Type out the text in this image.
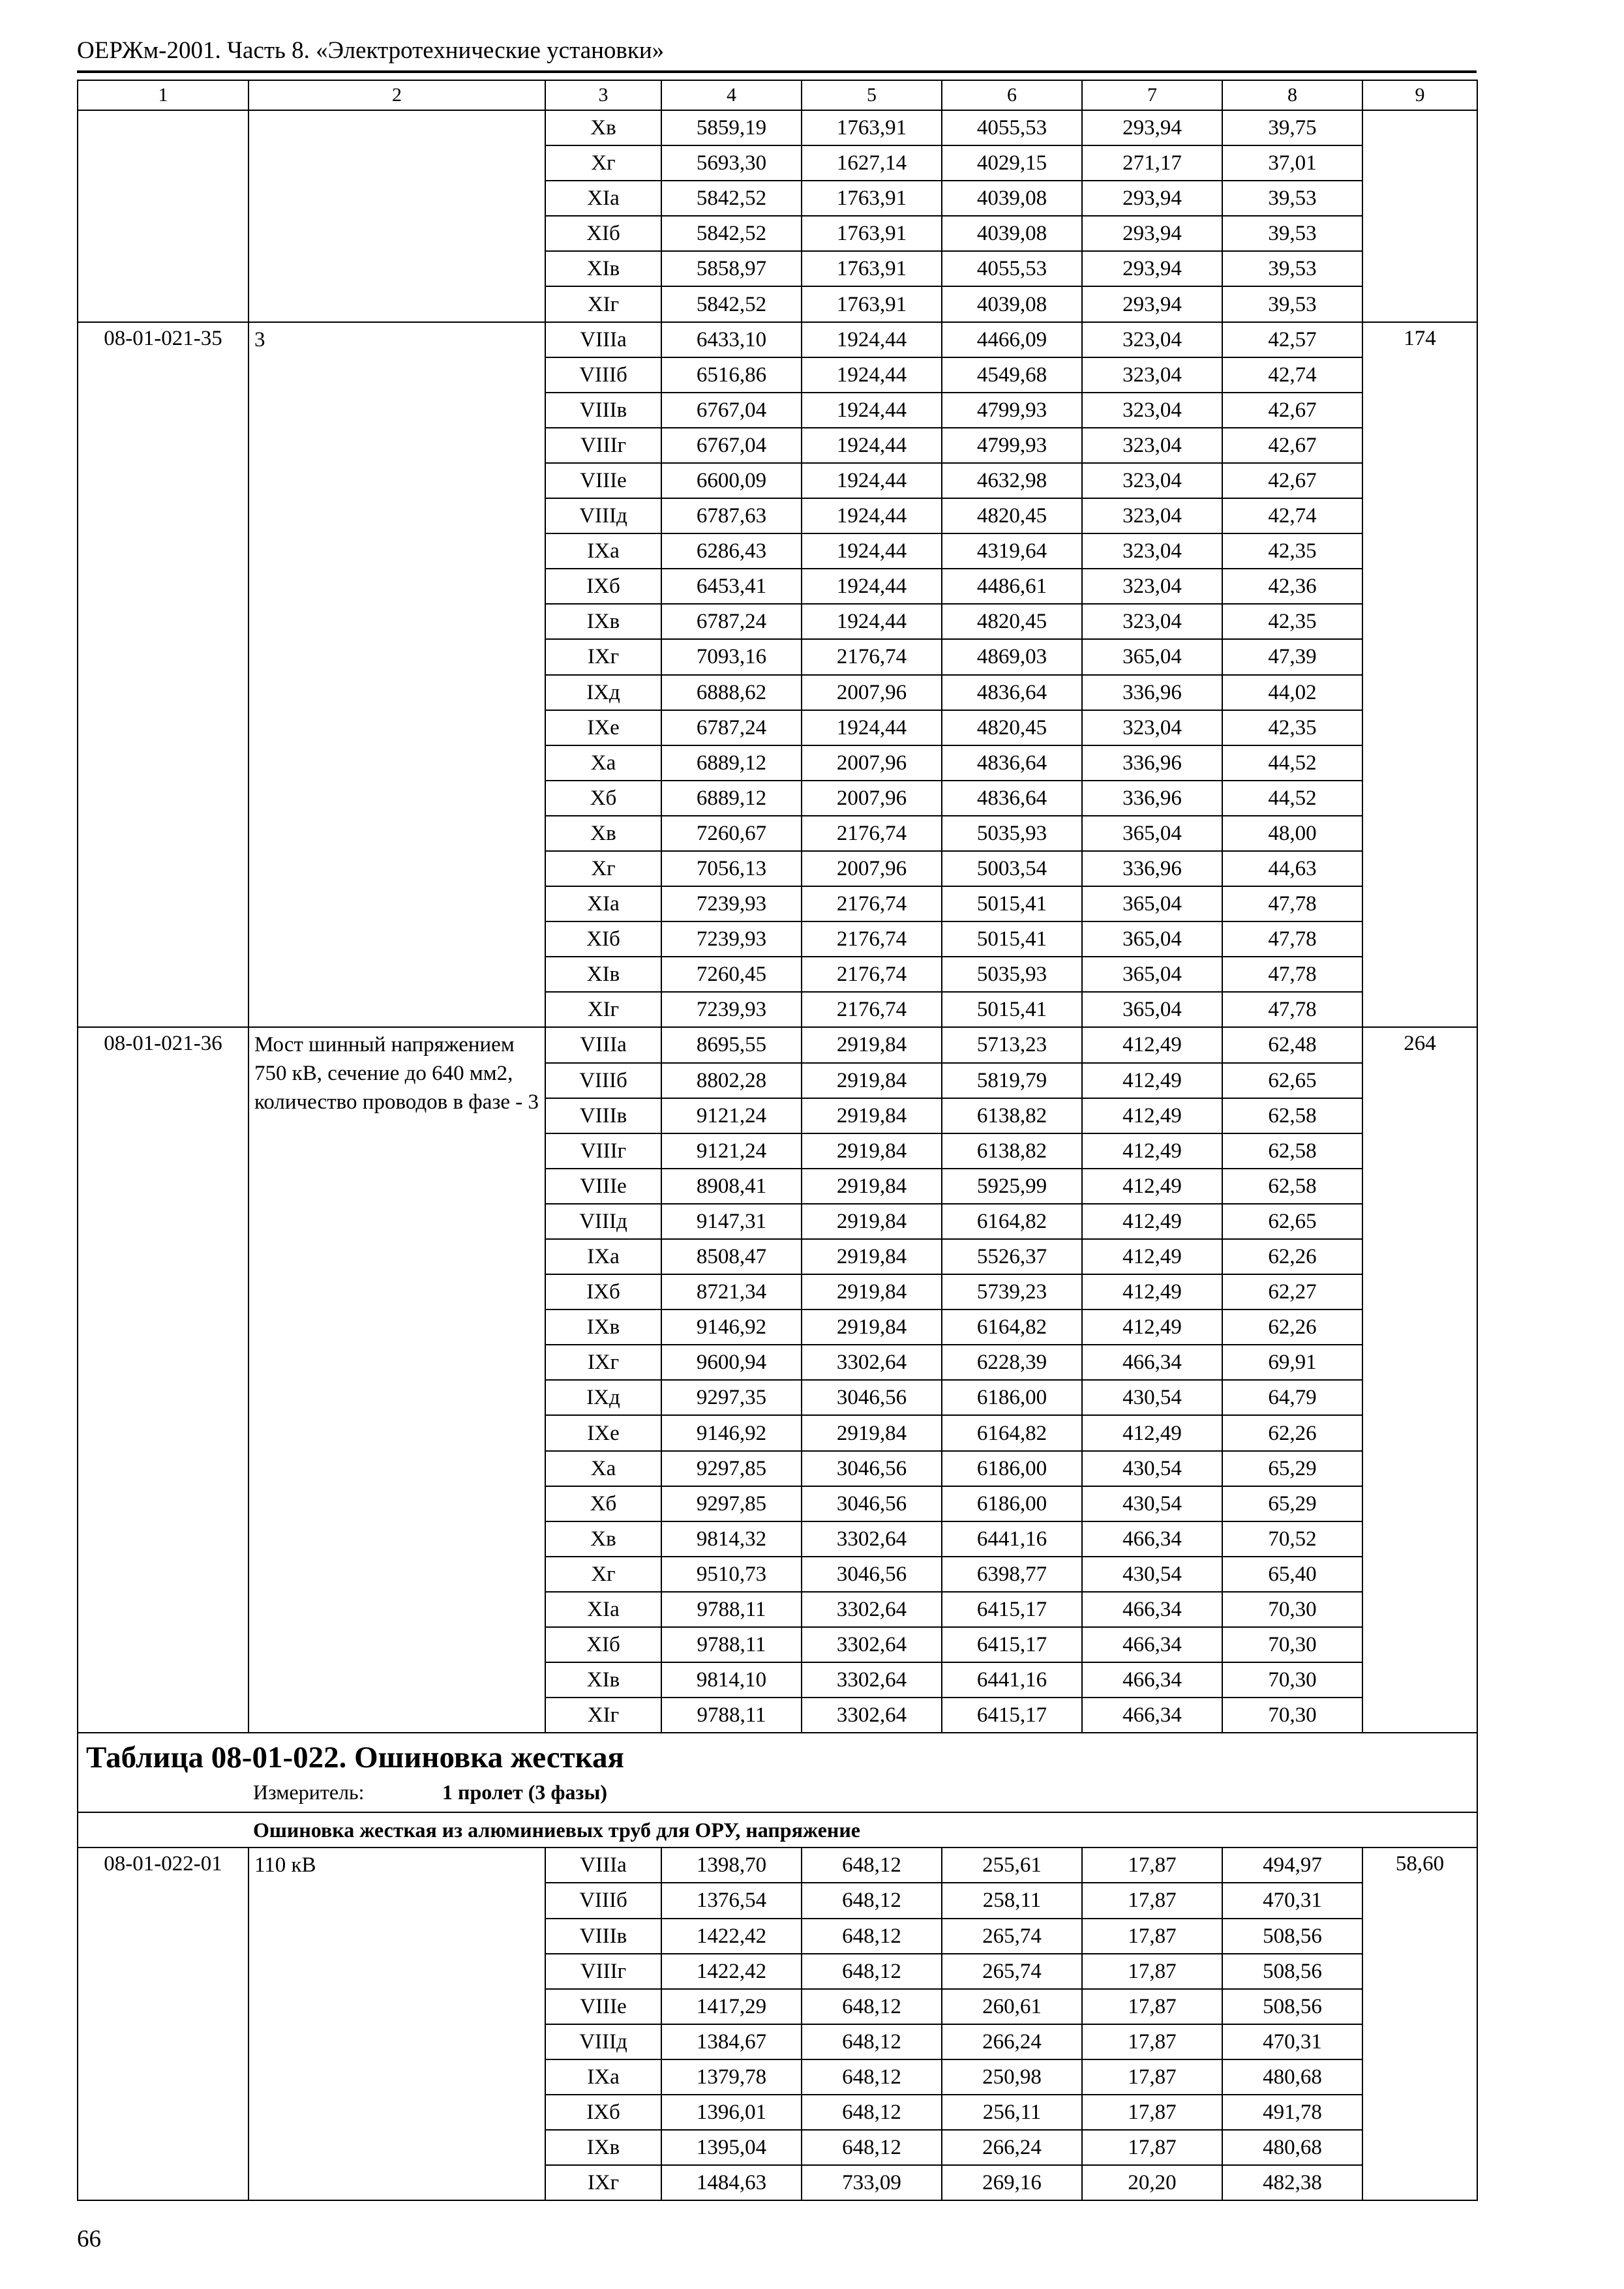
ОЕРЖм-2001. Часть 8. «Электротехнические установки»
1	2	3	4	5	6	7	8	9
		Xв	5859,19	1763,91	4055,53	293,94	39,75	
		Xг	5693,30	1627,14	4029,15	271,17	37,01	
		XIа	5842,52	1763,91	4039,08	293,94	39,53	
		XIб	5842,52	1763,91	4039,08	293,94	39,53	
		XIв	5858,97	1763,91	4055,53	293,94	39,53	
		XIг	5842,52	1763,91	4039,08	293,94	39,53	
08-01-021-35	3	VIIIа	6433,10	1924,44	4466,09	323,04	42,57	174
		VIIIб	6516,86	1924,44	4549,68	323,04	42,74	
		VIIIв	6767,04	1924,44	4799,93	323,04	42,67	
		VIIIг	6767,04	1924,44	4799,93	323,04	42,67	
		VIIIе	6600,09	1924,44	4632,98	323,04	42,67	
		VIIIд	6787,63	1924,44	4820,45	323,04	42,74	
		IXа	6286,43	1924,44	4319,64	323,04	42,35	
		IXб	6453,41	1924,44	4486,61	323,04	42,36	
		IXв	6787,24	1924,44	4820,45	323,04	42,35	
		IXг	7093,16	2176,74	4869,03	365,04	47,39	
		IXд	6888,62	2007,96	4836,64	336,96	44,02	
		IXе	6787,24	1924,44	4820,45	323,04	42,35	
		Xа	6889,12	2007,96	4836,64	336,96	44,52	
		Xб	6889,12	2007,96	4836,64	336,96	44,52	
		Xв	7260,67	2176,74	5035,93	365,04	48,00	
		Xг	7056,13	2007,96	5003,54	336,96	44,63	
		XIа	7239,93	2176,74	5015,41	365,04	47,78	
		XIб	7239,93	2176,74	5015,41	365,04	47,78	
		XIв	7260,45	2176,74	5035,93	365,04	47,78	
		XIг	7239,93	2176,74	5015,41	365,04	47,78	
08-01-021-36	Мост шинный напряжением 750 кВ, сечение до 640 мм2, количество проводов в фазе - 3	VIIIа	8695,55	2919,84	5713,23	412,49	62,48	264
		VIIIб	8802,28	2919,84	5819,79	412,49	62,65	
		VIIIв	9121,24	2919,84	6138,82	412,49	62,58	
		VIIIг	9121,24	2919,84	6138,82	412,49	62,58	
		VIIIе	8908,41	2919,84	5925,99	412,49	62,58	
		VIIIд	9147,31	2919,84	6164,82	412,49	62,65	
		IXа	8508,47	2919,84	5526,37	412,49	62,26	
		IXб	8721,34	2919,84	5739,23	412,49	62,27	
		IXв	9146,92	2919,84	6164,82	412,49	62,26	
		IXг	9600,94	3302,64	6228,39	466,34	69,91	
		IXд	9297,35	3046,56	6186,00	430,54	64,79	
		IXе	9146,92	2919,84	6164,82	412,49	62,26	
		Xа	9297,85	3046,56	6186,00	430,54	65,29	
		Xб	9297,85	3046,56	6186,00	430,54	65,29	
		Xв	9814,32	3302,64	6441,16	466,34	70,52	
		Xг	9510,73	3046,56	6398,77	430,54	65,40	
		XIа	9788,11	3302,64	6415,17	466,34	70,30	
		XIб	9788,11	3302,64	6415,17	466,34	70,30	
		XIв	9814,10	3302,64	6441,16	466,34	70,30	
		XIг	9788,11	3302,64	6415,17	466,34	70,30	

Таблица 08-01-022. Ошиновка жесткая
Измеритель: 1 пролет (3 фазы)								

Ошиновка жесткая из алюминиевых труб для ОРУ, напряжение								
08-01-022-01	110 кВ	VIIIа	1398,70	648,12	255,61	17,87	494,97	58,60
		VIIIб	1376,54	648,12	258,11	17,87	470,31	
		VIIIв	1422,42	648,12	265,74	17,87	508,56	
		VIIIг	1422,42	648,12	265,74	17,87	508,56	
		VIIIе	1417,29	648,12	260,61	17,87	508,56	
		VIIIд	1384,67	648,12	266,24	17,87	470,31	
		IXа	1379,78	648,12	250,98	17,87	480,68	
		IXб	1396,01	648,12	256,11	17,87	491,78	
		IXв	1395,04	648,12	266,24	17,87	480,68	
		IXг	1484,63	733,09	269,16	20,20	482,38	
66
